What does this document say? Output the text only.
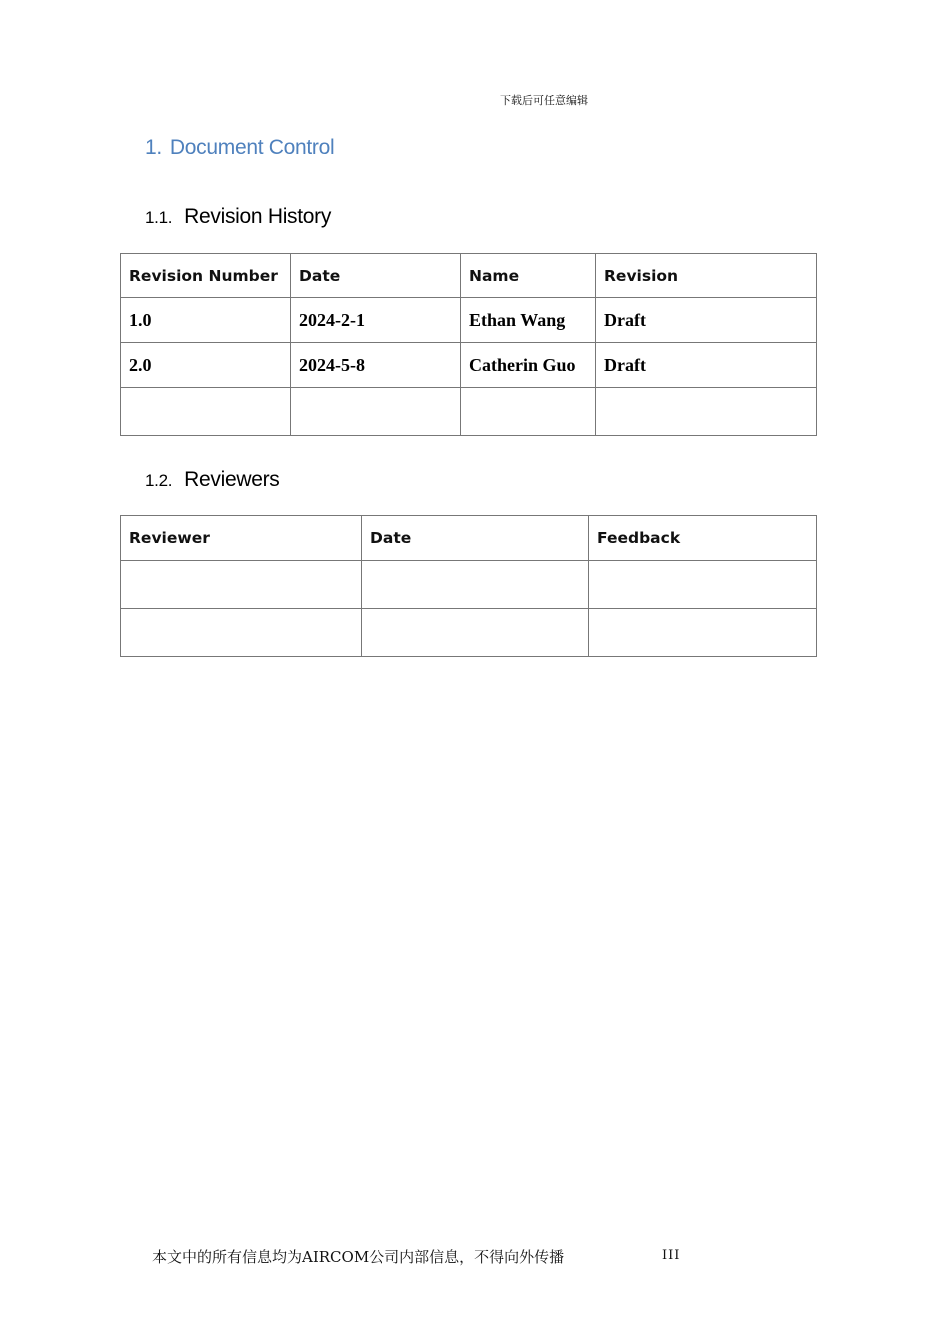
下载后可任意编辑
1. Document Control
1.1. Revision History
Revision Number	Date	Name	Revision
1.0	2024-2-1	Ethan Wang	Draft
2.0	2024-5-8	Catherin Guo	Draft

1.2. Reviewers
Reviewer	Date	Feedback

本文中的所有信息均为AIRCOM公司内部信息，不得向外传播	III
